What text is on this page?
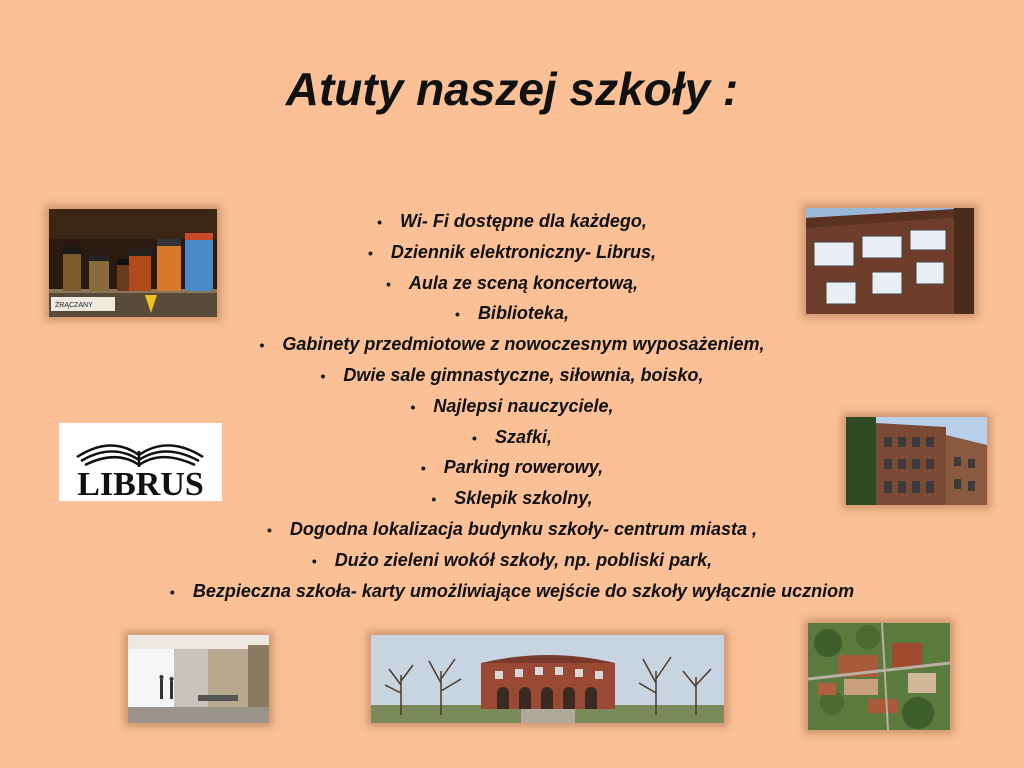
Atuty naszej szkoły :
• Wi- Fi dostępne dla każdego,
• Dziennik elektroniczny- Librus,
• Aula ze sceną koncertową,
• Biblioteka,
• Gabinety przedmiotowe z nowoczesnym wyposażeniem,
• Dwie sale gimnastyczne, siłownia, boisko,
• Najlepsi nauczyciele,
• Szafki,
• Parking rowerowy,
• Sklepik szkolny,
• Dogodna lokalizacja budynku szkoły- centrum miasta ,
• Dużo zieleni wokół szkoły, np. pobliski park,
• Bezpieczna szkoła- karty umożliwiające wejście do szkoły wyłącznie uczniom
ŻRĄCZANY
LIBRUS
